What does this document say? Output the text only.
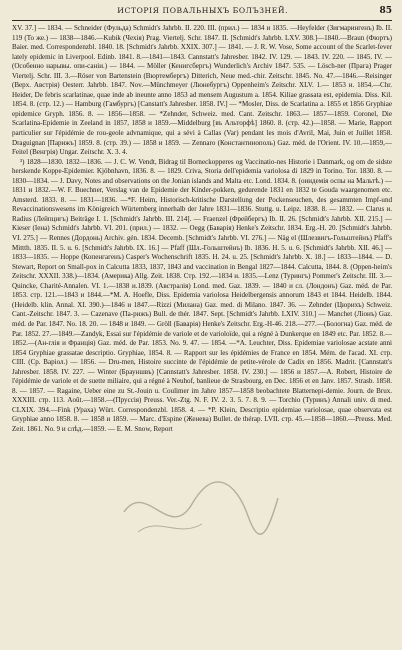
ИСТОРІЯ ПОВАЛЬНЫХЪ БОЛЪЗНЕЙ.	85

XV. 37.] — 1834. — Schneider (Фульда) Schmidt's Jahrbb. II. 220. III. (прил.) — 1834 и 1835. —Heyfelder (Зигмарингенъ) Ib. II. 119 (То же.) — 1838—1846.—Kubik (Чехія) Prag. Viertelj. Schr. 1847. II. [Schmidt's Jahrbb. LXV. 308.]—1840.—Braun (Фюртъ) Baier. med. Correspondenzbl. 1840. 18. [Schmidt's Jahrbb. XXIX. 307.] — 1841. — J. R. W. Vose, Some account of the Scarlet-fever lately epidemic in Liverpool. Edinb. 1841. 8.—1841—1843. Cannstatt's Jahresber. 1842. IV. 129. — 1843. IV. 220. — 1845. IV. — (Особенно нарывы. опи-саніи.) — 1844. — Möller (Кенигсбергъ) Wunderlich's Archiv 1847. 535. — Lösch-ner (Прага) Prager Viertelj. Schr. III. 3.—Röser von Bartenstein (Вюртембергъ) Ditterich, Neue med.-chir. Zeitschr. 1845. No. 47.—1846.—Reisinger (Верх. Австрія) Oesterr. Jahrbb. 1847. Nov.—Münchmeyer (Люнебургъ) Oppenheim's Zeitschr. XLV. 1.— 1853 и. 1854.—Chr. Heider, De febris scarlatinae, quae inde ab ineunte anno 1853 ad mensem Augustum a. 1854. Kiliae grassata est, epidemia. Diss. Kil. 1854. 8. (стр. 12.) — Hamburg (Гамбургъ) [Canstatt's Jahresber. 1858. IV.] — *Mosler, Diss. de Scarlatina a. 1855 et 1856 Gryphiae epidemice Gryph. 1856. 8. — 1856—1858. — *Zehnder, Schweiz. med. Cant. Zeitschr. 1863.— 1857—1859. Coronel, Die Scarlatina-Epidemie in Zeeland in 1857, 1858 и 1859.—Middelburg [въ Альторфѣ] 1860. 8. (стр. 42.)—1858. — Marie, Rapport particulier sur l'épidémie de rou-geole advnamique, qui a sévi à Callas (Var) pendant les mois d'Avril, Mai, Juin et Juillet 1858. Draguignan [Парижъ] 1859. 8. (стр. 39.) — 1858 и 1859. — Zennaro (Константинополь) Gaz. méd. de l'Orient. IV. 10.—1859,—Feitel (Венгрія) Ungar. Zeitschr. X. 3. 4.

³) 1828—1830. 1832—1836. — J. C. W. Vendt, Bidrag til Borneckopperes og Vaccinatio-nes Historie i Danmark, og om de sidste herskende Koppe-Epidemier. Kjöbnhavn, 1836. 8. — 1829. Criva, Storia dell'epidemia variolosa di 1829 in Torino. Tor. 1830. 8. — 1830—1834. — J. Davy, Notes and observations on the Jonian islands and Malta etc. Lond. 1834. 8. (оиидемія оспы на Мальтѣ.) — 1831 и 1832.—W. F. Buechner, Verslag van de Epidemie der Kinder-pokken, gedurende 1831 en 1832 te Gouda waargenomen etc. Amsterd. 1833. 8. — 1831—1836. —*F. Heim, Historisch-kritische Darstellung der Pockenseuchen, des gesammten Impf-und Revaccinationswesens im Königreich Würtemberg innerhalb der Jahre 1831—1836. Stuttg. u. Leipz. 1838. 8. — 1832. — Clarus и. Radius (Лейпцигъ) Beiträge I. 1. [Schmidt's Jahrbb. III. 214]. — Fraenzel (Фрейбергъ) Ib. II. 26. [Schmidt's Jahrbb. XII. 215.] — Kieser (Iена) Schmidt's Jahrbb. VI. 201. (прил.) — 1832. — Oegg (Баварія) Henke's Zeitschr. 1834. Erg.-H. 20. [Schmidt's Jahrbb. VI. 275.] — Rennes (Дордонь) Archiv. gén. 1834. Decemb. [Schmidt's Jahrbb. VI. 276.] — Näg el (Шлезвигъ-Гольштейнъ) Pfaff's Mittth. 1835. II. 5. u. 6. [Schmidt's Jahrbb. IX. 16.] — Pfaff (Шл.-Гольштейнъ) Ib. 1836. H. 5. u. 6. [Schmidt's Jahrbb. XII. 46.] — 1833—1835. — Hoppe (Копенгагенъ) Casper's Wochenschrift 1835. H. 24. u. 25. [Schmidt's Jahrbb. X. 18.] — 1833—1844. — D. Stewart, Report on Small-pox in Calcutta 1833, 1837, 1843 and vaccination in Bengal 1827—1844. Calcutta, 1844. 8. (Oppen-heim's Zeitschr. XXXII. 338.)—1834. (Америка) Allg. Zeit. 1838. Стр. 192.—1834 и. 1835.—Lenz (Турингъ) Pommer's Zeitschr. III. 3.—Quincke, Charité-Annalen. VI. 1.—1838 и.1839. (Австралія) Lond. med. Gaz. 1839. — 1840 и сл. (Лондонъ) Gaz. méd. de Par. 1853. стр. 121.—1843 и 1844.—*M. A. Hoefle, Diss. Epidemia variolosa Heidelbergensis annorum 1843 et 1844. Heidelb. 1844. (Heidelb. klin. Annal. XI. 390.)—1846 и 1847.—Rizzi (Милана) Gaz. med. di Milano. 1847. 36. — Zehnder (Цюрихъ) Schweiz. Cant.-Zeitschr. 1847. 3. — Cazenave (Па-рижъ) Bull. de thér. 1847. Sept. [Schmidt's Jahrbb. LXIV. 310.] — Manchet (Ліонъ) Gaz. méd. de Par. 1847. No. 18. 20. — 1848 и 1849. — Gröll (Баварія) Henke's Zeitschr. Erg.-H-46. 218.—277.—(Бологна) Gaz. méd. de Par. 1852. 27.—1849.—Zandyk, Essai sur l'épidémie de variole et de varioloïde, qui a régné à Dunkerque en 1849 etc. Par. 1852. 8.—1852.—(Ан-глія и Франція) Gaz. méd. de Par. 1853. No. 9. 47. — 1854. —*A. Leuchter, Diss. Epidemiae variolosae acstate anni 1854 Gryphiae grassatae descriptio. Gryphiae, 1854. 8. — Rapport sur les épidémies de France en 1854. Mém. de l'acad. XI. стр. CIII. (Ср. Варіол.) — 1856. — Dru-men, Histoire succinte de l'épidémie de petite-vérole de Cadix en 1856. Madrit. [Cannstatt's Jahresber. 1858. IV. 227. — Winter (Брауншвъ) [Cannstatt's Jahresber. 1858. IV. 230.] — 1856 и 1857.—A. Robert, Histoire de l'épidémie de variole et de suette miliaire, qui a régné à Neuhof, banlieue de Strasbourg, en Dec. 1856 et en Janv. 1857. Strasb. 1858. 8. — 1857. — Ragaine, Ueber eine zu St.-Jouin u. Coulimer im Jahre 1857—1858 beobachtete Blatternepi-demie. Journ. de Brux. XXXIII. стр. 113. Août.—1858.—(Пруссія) Preuss. Ver.-Ztg. N. F. IV. 2. 3. 5. 7. 8. 9. — Torchio (Туринъ) Annali univ. di med. CLXIX. 394.—Fink (Ураха) Würt. Correspondenzbl. 1858. 4. — *P. Klein, Descriptio epidemiae variolosae, quae observata est Gryphiae anno 1858. 8. — 1858 и 1859. — Marc. d'Espine (Женева) Bullet. de thérap. LVII. стр. 45.—1858—1860.—Preuss. Med. Zeit. 1861. No. 9 и слѣд.—1859. — E. M. Snow, Report
